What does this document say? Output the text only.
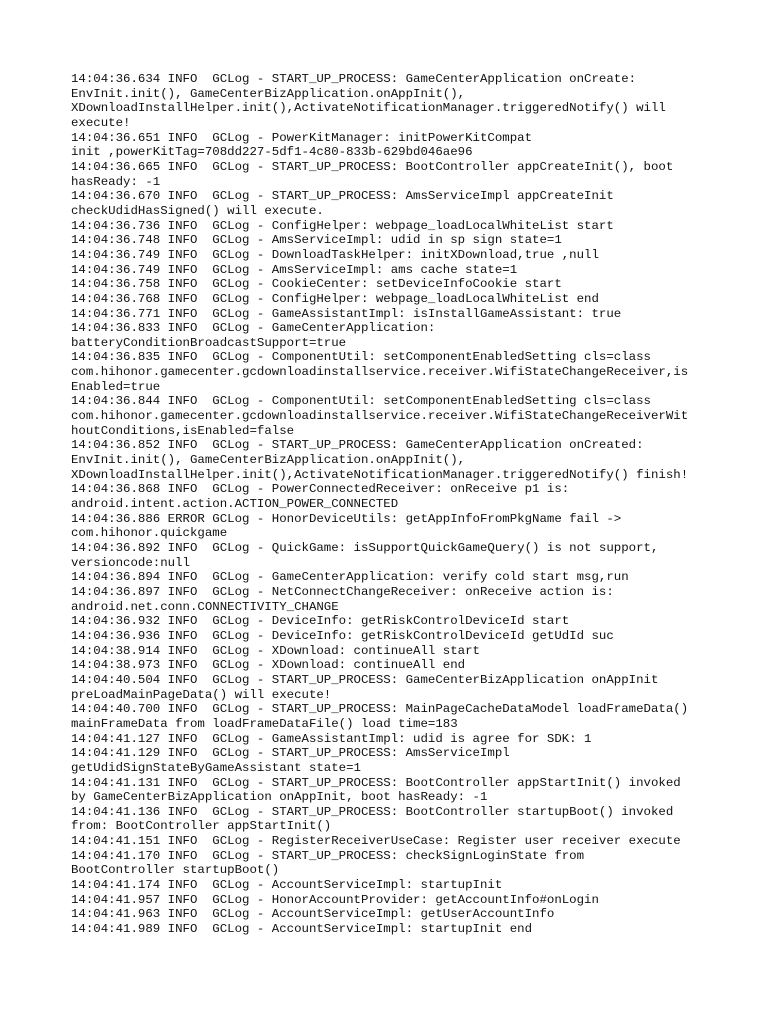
14:04:36.634 INFO  GCLog - START_UP_PROCESS: GameCenterApplication onCreate:
EnvInit.init(), GameCenterBizApplication.onAppInit(),
XDownloadInstallHelper.init(),ActivateNotificationManager.triggeredNotify() will
execute!
14:04:36.651 INFO  GCLog - PowerKitManager: initPowerKitCompat
init ,powerKitTag=708dd227-5df1-4c80-833b-629bd046ae96
14:04:36.665 INFO  GCLog - START_UP_PROCESS: BootController appCreateInit(), boot
hasReady: -1
14:04:36.670 INFO  GCLog - START_UP_PROCESS: AmsServiceImpl appCreateInit
checkUdidHasSigned() will execute.
14:04:36.736 INFO  GCLog - ConfigHelper: webpage_loadLocalWhiteList start
14:04:36.748 INFO  GCLog - AmsServiceImpl: udid in sp sign state=1
14:04:36.749 INFO  GCLog - DownloadTaskHelper: initXDownload,true ,null
14:04:36.749 INFO  GCLog - AmsServiceImpl: ams cache state=1
14:04:36.758 INFO  GCLog - CookieCenter: setDeviceInfoCookie start
14:04:36.768 INFO  GCLog - ConfigHelper: webpage_loadLocalWhiteList end
14:04:36.771 INFO  GCLog - GameAssistantImpl: isInstallGameAssistant: true
14:04:36.833 INFO  GCLog - GameCenterApplication:
batteryConditionBroadcastSupport=true
14:04:36.835 INFO  GCLog - ComponentUtil: setComponentEnabledSetting cls=class
com.hihonor.gamecenter.gcdownloadinstallservice.receiver.WifiStateChangeReceiver,is
Enabled=true
14:04:36.844 INFO  GCLog - ComponentUtil: setComponentEnabledSetting cls=class
com.hihonor.gamecenter.gcdownloadinstallservice.receiver.WifiStateChangeReceiverWit
houtConditions,isEnabled=false
14:04:36.852 INFO  GCLog - START_UP_PROCESS: GameCenterApplication onCreated:
EnvInit.init(), GameCenterBizApplication.onAppInit(),
XDownloadInstallHelper.init(),ActivateNotificationManager.triggeredNotify() finish!
14:04:36.868 INFO  GCLog - PowerConnectedReceiver: onReceive p1 is:
android.intent.action.ACTION_POWER_CONNECTED
14:04:36.886 ERROR GCLog - HonorDeviceUtils: getAppInfoFromPkgName fail ->
com.hihonor.quickgame
14:04:36.892 INFO  GCLog - QuickGame: isSupportQuickGameQuery() is not support,
versioncode:null
14:04:36.894 INFO  GCLog - GameCenterApplication: verify cold start msg,run
14:04:36.897 INFO  GCLog - NetConnectChangeReceiver: onReceive action is:
android.net.conn.CONNECTIVITY_CHANGE
14:04:36.932 INFO  GCLog - DeviceInfo: getRiskControlDeviceId start
14:04:36.936 INFO  GCLog - DeviceInfo: getRiskControlDeviceId getUdId suc
14:04:38.914 INFO  GCLog - XDownload: continueAll start
14:04:38.973 INFO  GCLog - XDownload: continueAll end
14:04:40.504 INFO  GCLog - START_UP_PROCESS: GameCenterBizApplication onAppInit
preLoadMainPageData() will execute!
14:04:40.700 INFO  GCLog - START_UP_PROCESS: MainPageCacheDataModel loadFrameData()
mainFrameData from loadFrameDataFile() load time=183
14:04:41.127 INFO  GCLog - GameAssistantImpl: udid is agree for SDK: 1
14:04:41.129 INFO  GCLog - START_UP_PROCESS: AmsServiceImpl
getUdidSignStateByGameAssistant state=1
14:04:41.131 INFO  GCLog - START_UP_PROCESS: BootController appStartInit() invoked
by GameCenterBizApplication onAppInit, boot hasReady: -1
14:04:41.136 INFO  GCLog - START_UP_PROCESS: BootController startupBoot() invoked
from: BootController appStartInit()
14:04:41.151 INFO  GCLog - RegisterReceiverUseCase: Register user receiver execute
14:04:41.170 INFO  GCLog - START_UP_PROCESS: checkSignLoginState from
BootController startupBoot()
14:04:41.174 INFO  GCLog - AccountServiceImpl: startupInit
14:04:41.957 INFO  GCLog - HonorAccountProvider: getAccountInfo#onLogin
14:04:41.963 INFO  GCLog - AccountServiceImpl: getUserAccountInfo
14:04:41.989 INFO  GCLog - AccountServiceImpl: startupInit end
